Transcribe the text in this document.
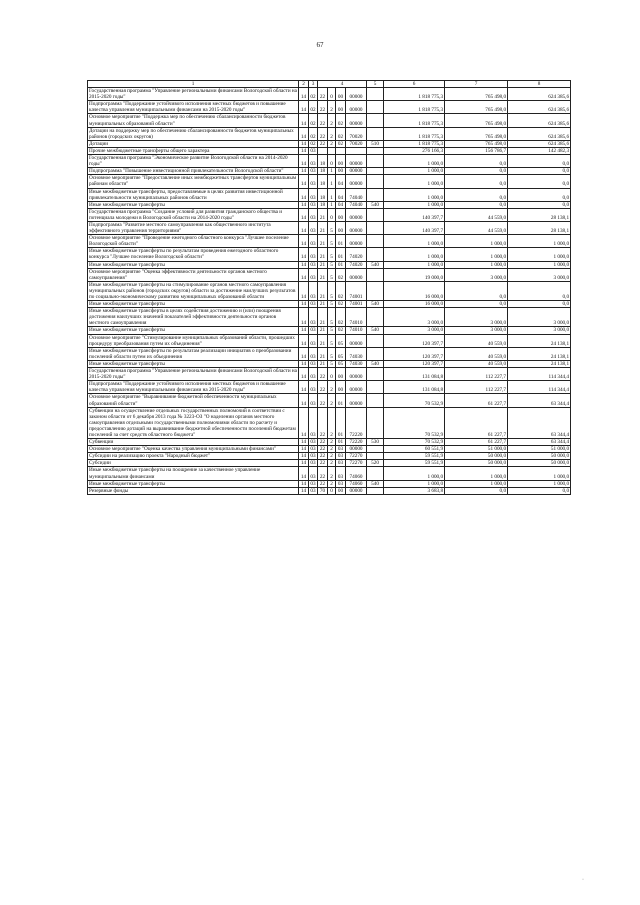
67
1	2	3	4				5	6	7	8
Государственная программа "Управление региональными финансами Вологодской области на 2015-2020 годы"	14	02	22	0	00	00000		1 818 775,3	765 498,0	624 385,6
Подпрограмма "Поддержание устойчивого исполнения местных бюджетов и повышение качества управления муниципальными финансами на 2015-2020 годы"	14	02	22	2	00	00000		1 818 775,3	765 498,0	624 385,6
Основное мероприятие "Поддержка мер по обеспечению сбалансированности бюджетов муниципальных образований области"	14	02	22	2	02	00000		1 818 775,3	765 498,0	624 385,6
Дотации на поддержку мер по обеспечению сбалансированности бюджетов муниципальных районов (городских округов)	14	02	22	2	02	70020		1 818 775,3	765 498,0	624 385,6
Дотации	14	02	22	2	02	70020	510	1 818 775,3	765 498,0	624 385,6
Прочие межбюджетные трансферты общего характера	14	03						276 166,3	156 786,7	142 482,3
Государственная программа "Экономическое развитие Вологодской области на 2014-2020 годы"	14	03	18	0	00	00000		1 000,0	0,0	0,0
Подпрограмма "Повышение инвестиционной привлекательности Вологодской области"	14	03	18	1	00	00000		1 000,0	0,0	0,0
Основное мероприятие "Предоставление иных межбюджетных трансфертов муниципальным районам области"	14	03	18	1	04	00000		1 000,0	0,0	0,0
Иные межбюджетные трансферты, предоставляемые в целях развития инвестиционной привлекательности муниципальных районов области	14	03	18	1	04	74040		1 000,0	0,0	0,0
Иные межбюджетные трансферты	14	03	18	1	04	74040	540	1 000,0	0,0	0,0
Государственная программа "Создание условий для развития гражданского общества и потенциала молодежи в Вологодской области на 2014-2020 годы"	14	03	21	0	00	00000		140 397,7	44 559,0	28 138,1
Подпрограмма "Развитие местного самоуправления как общественного института эффективного управления территориями"	14	03	21	5	00	00000		140 397,7	44 559,0	28 138,1
Основное мероприятие "Проведение ежегодного областного конкурса "Лучшее поселение Вологодской области"	14	03	21	5	01	00000		1 000,0	1 000,0	1 000,0
Иные межбюджетные трансферты по результатам проведения ежегодного областного конкурса "Лучшее поселение Вологодской области"	14	03	21	5	01	74020		1 000,0	1 000,0	1 000,0
Иные межбюджетные трансферты	14	03	21	5	01	74020	540	1 000,0	1 000,0	1 000,0
Основное мероприятие "Оценка эффективности деятельности органов местного самоуправления"	14	03	21	5	02	00000		19 000,0	3 000,0	3 000,0
Иные межбюджетные трансферты на стимулирование органов местного самоуправления муниципальных районов (городских округов) области за достижение наилучших результатов по социально-экономическому развитию муниципальных образований области	14	03	21	5	02	74001		16 000,0	0,0	0,0
Иные межбюджетные трансферты	14	03	21	5	02	74001	540	16 000,0	0,0	0,0
Иные межбюджетные трансферты в целях содействия достижению и (или) поощрения достижения наилучших значений показателей эффективности деятельности органов местного самоуправления	14	03	21	5	02	74010		3 000,0	3 000,0	3 000,0
Иные межбюджетные трансферты	14	03	21	5	02	74010	540	3 000,0	3 000,0	3 000,0
Основное мероприятие "Стимулирование муниципальных образований области, прошедших процедуру преобразования путем их объединения"	14	03	21	5	05	00000		120 397,7	40 559,0	24 138,1
Иные межбюджетные трансферты по результатам реализации инициатив о преобразовании поселений области путем их объединения	14	03	21	5	05	74030		120 397,7	40 559,0	24 138,1
Иные межбюджетные трансферты	14	03	21	5	05	74030	540	120 397,7	40 559,0	24 138,1
Государственная программа "Управление региональными финансами Вологодской области на 2015-2020 годы"	14	03	22	0	00	00000		131 084,8	112 227,7	114 344,4
Подпрограмма "Поддержание устойчивого исполнения местных бюджетов и повышение качества управления муниципальными финансами на 2015-2020 годы"	14	03	22	2	00	00000		131 084,8	112 227,7	114 344,4
Основное мероприятие "Выравнивание бюджетной обеспеченности муниципальных образований области"	14	03	22	2	01	00000		70 532,9	61 227,7	63 344,4
Субвенции на осуществление отдельных государственных полномочий в соответствии с законом области от 6 декабря 2013 года № 3223-ОЗ "О наделении органов местного самоуправления отдельными государственными полномочиями области по расчету и предоставлению дотаций на выравнивание бюджетной обеспеченности поселений бюджетам поселений за счет средств областного бюджета"	14	03	22	2	01	72220		70 532,9	61 227,7	63 344,4
Субвенции	14	03	22	2	01	72220	530	70 532,9	61 227,7	63 344,4
Основное мероприятие "Оценка качества управления муниципальными финансами"	14	03	22	2	03	00000		60 551,9	51 000,0	51 000,0
Субсидии на реализацию проекта "Народный бюджет"	14	03	22	2	03	72270		59 551,9	50 000,0	50 000,0
Субсидии	14	03	22	2	03	72270	520	59 551,9	50 000,0	50 000,0
Иные межбюджетные трансферты на поощрение за качественное управление муниципальными финансами	14	03	22	2	03	74060		1 000,0	1 000,0	1 000,0
Иные межбюджетные трансферты	14	03	22	2	03	74060	540	1 000,0	1 000,0	1 000,0
Резервные фонды	14	03	70	0	00	00000		3 683,8	0,0	0,0
·
